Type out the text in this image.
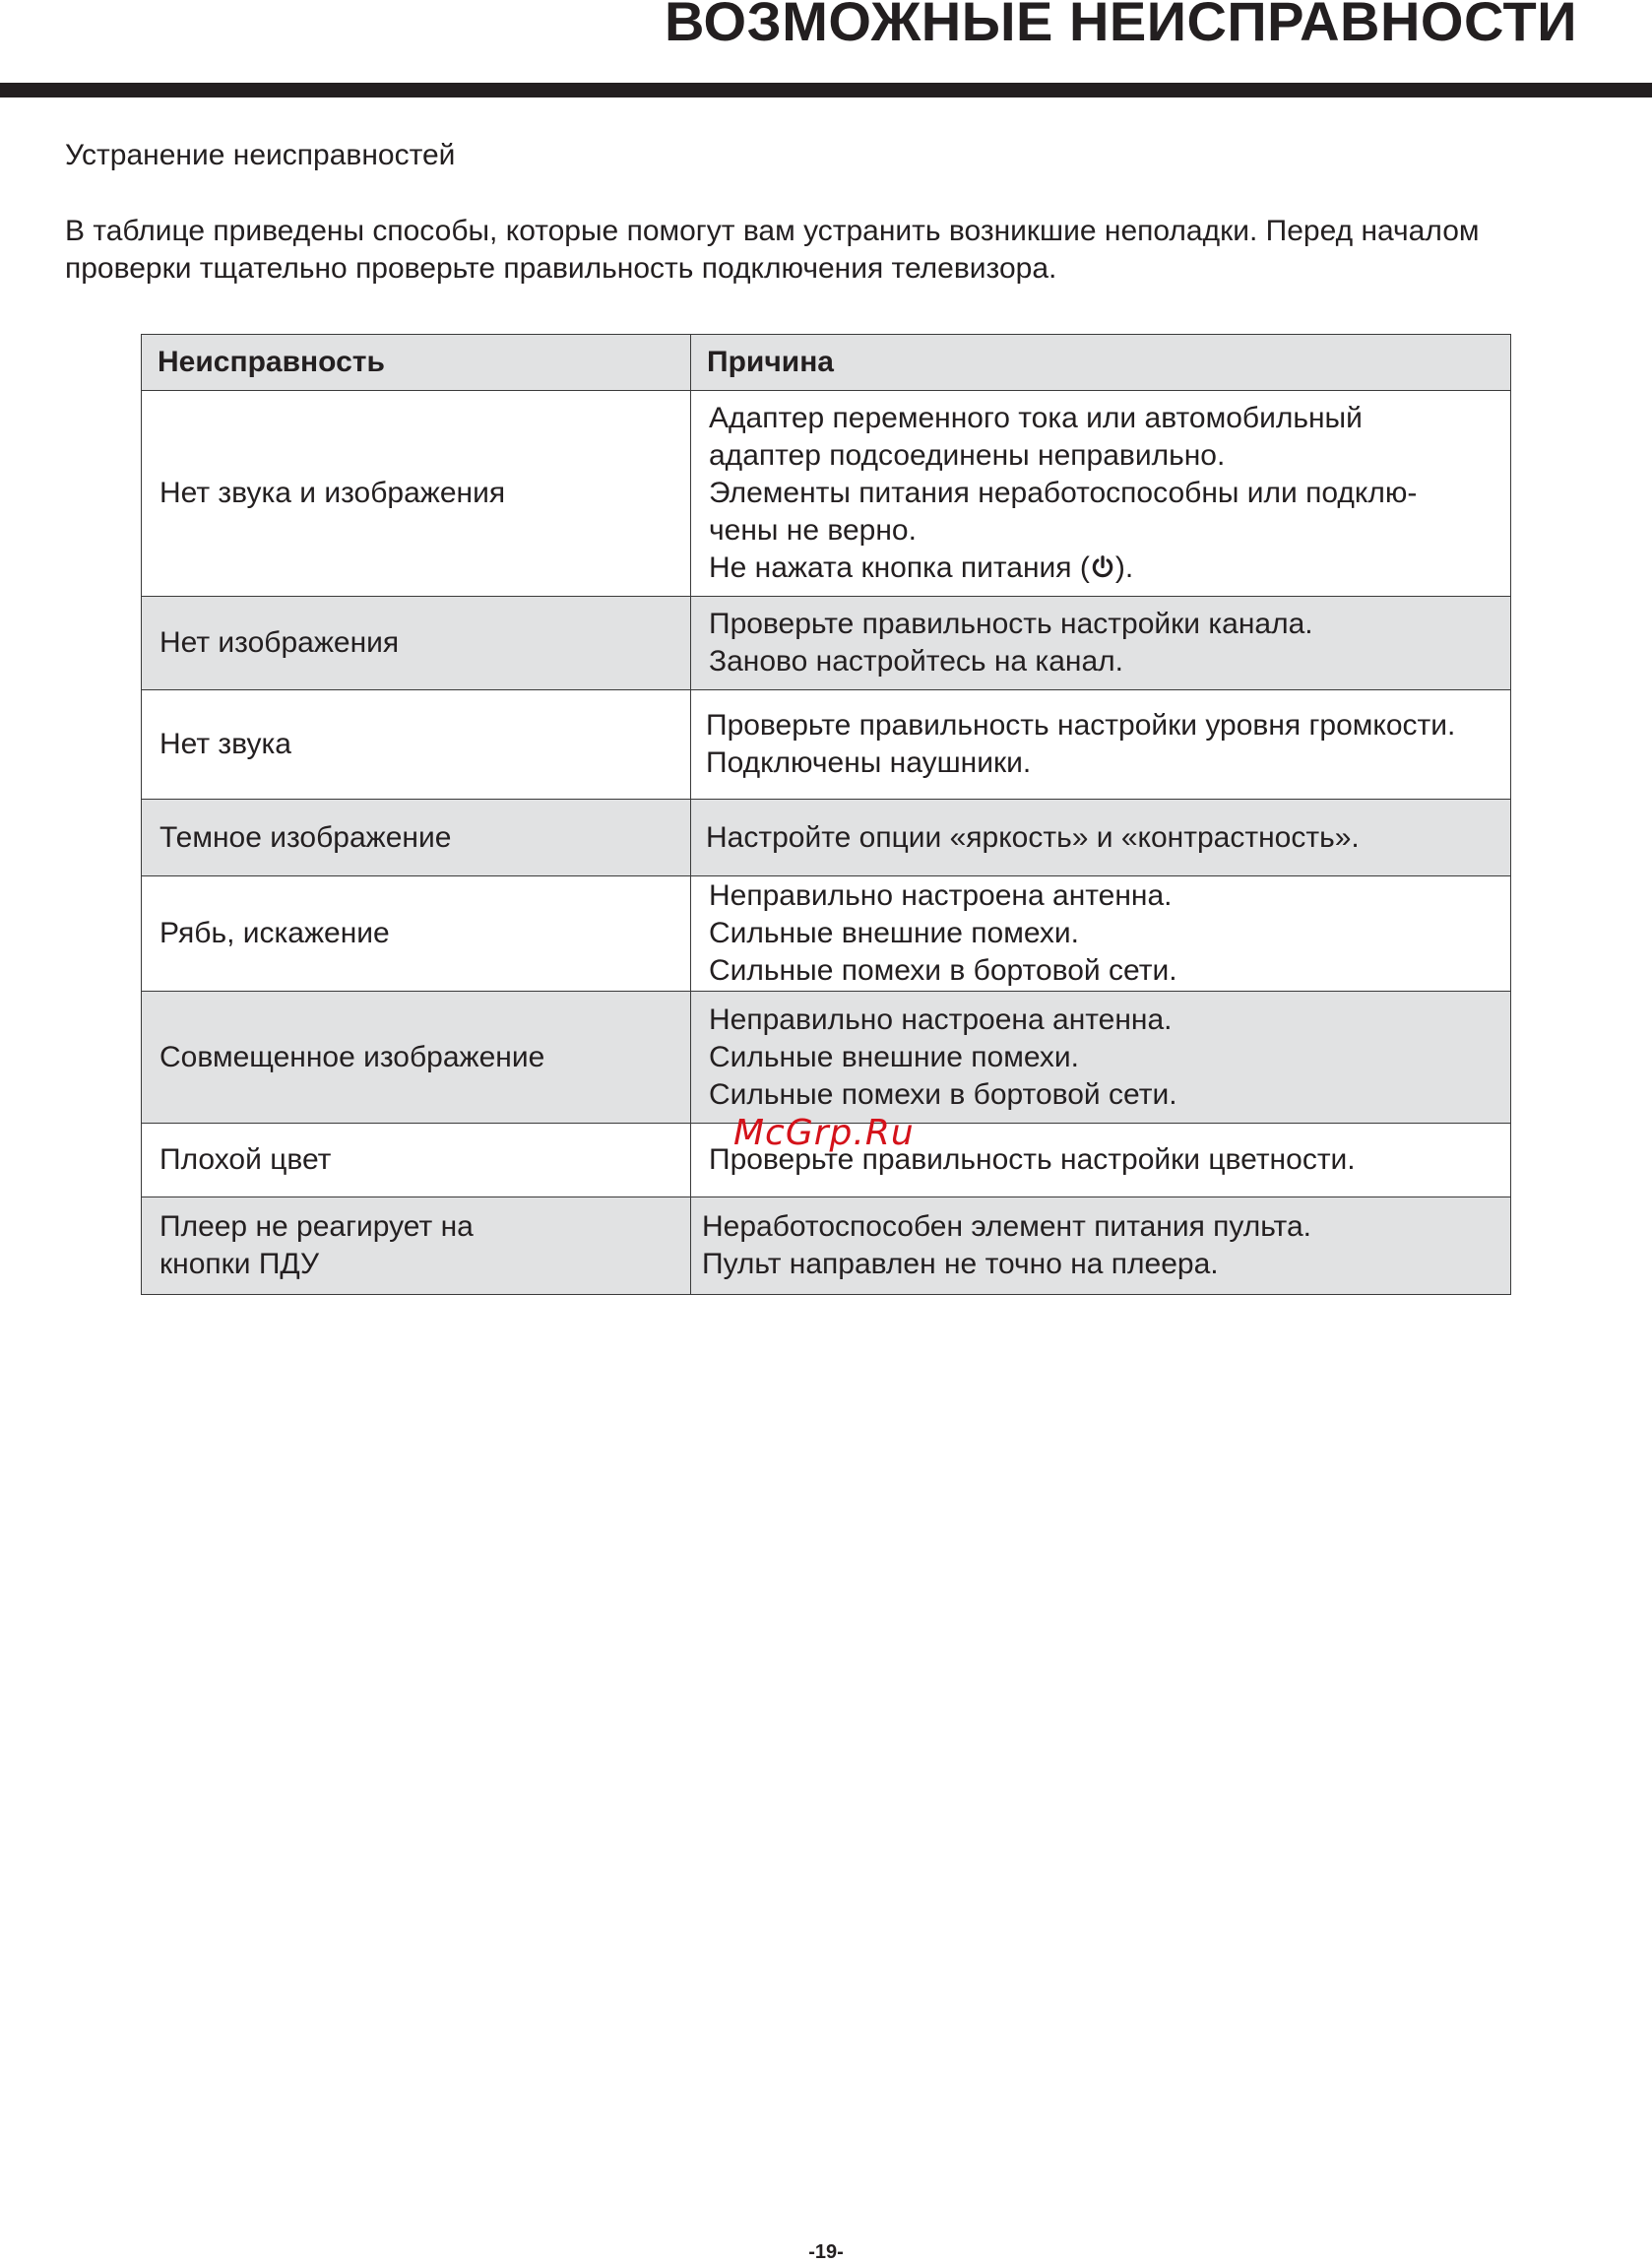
ВОЗМОЖНЫЕ НЕИСПРАВНОСТИ

Устранение неисправностей

В таблице приведены способы, которые помогут вам устранить возникшие неполадки. Перед началом проверки тщательно проверьте правильность подключения телевизора.

Неисправность	Причина
Нет звука и изображения	Адаптер переменного тока или автомобильный
адаптер подсоединены неправильно.
Элементы питания неработоспособны или подклю-
чены не верно.
Не нажата кнопка питания ( ).

Нет изображения	Проверьте правильность настройки канала.
Заново настройтесь на канал.

Нет звука	Проверьте правильность настройки уровня громкости.
Подключены наушники.

Темное изображение	Настройте опции «яркость» и «контрастность».

Рябь, искажение	Неправильно настроена антенна.
Сильные внешние помехи.
Сильные помехи в бортовой сети.

Совмещенное изображение	Неправильно настроена антенна.
Сильные внешние помехи.
Сильные помехи в бортовой сети.

Плохой цвет	Проверьте правильность настройки цветности.

Плеер не реагирует на
кнопки ПДУ	Неработоспособен элемент питания пульта.
Пульт направлен не точно на плеера.

McGrp.Ru

-19-
